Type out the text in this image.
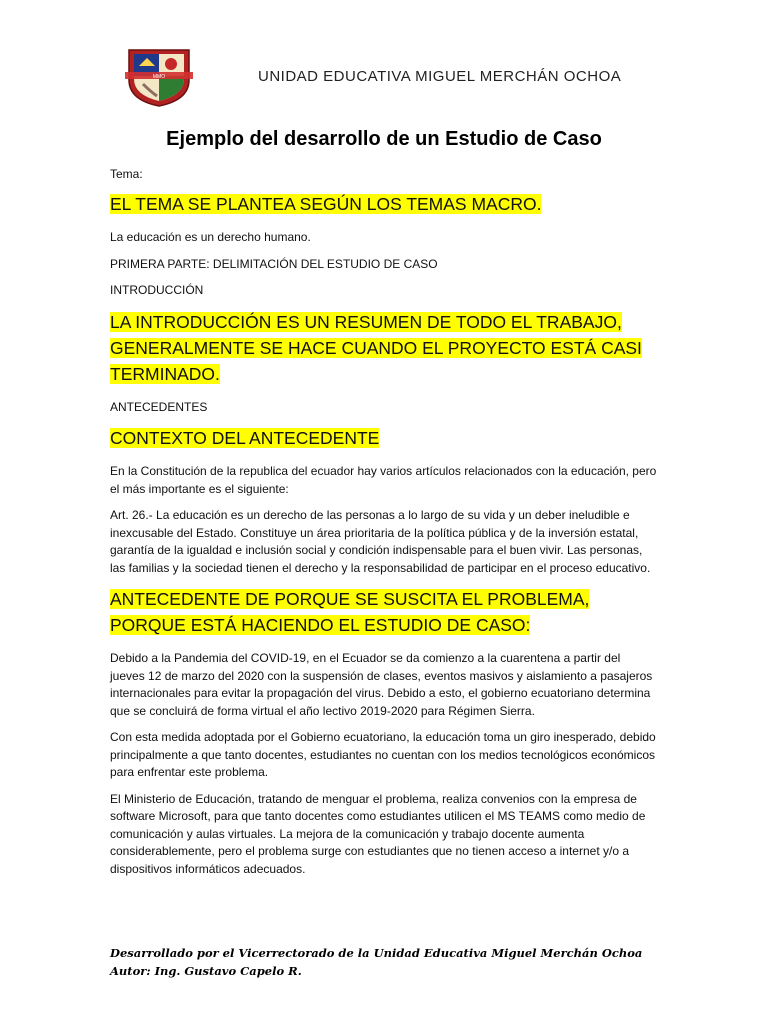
MMO	UNIDAD EDUCATIVA MIGUEL MERCHÁN OCHOA
Ejemplo del desarrollo de un Estudio de Caso

Tema:

EL TEMA SE PLANTEA SEGÚN LOS TEMAS MACRO.

La educación es un derecho humano.

PRIMERA PARTE: DELIMITACIÓN DEL ESTUDIO DE CASO

INTRODUCCIÓN

LA INTRODUCCIÓN ES UN RESUMEN DE TODO EL TRABAJO, GENERALMENTE SE HACE CUANDO EL PROYECTO ESTÁ CASI TERMINADO.

ANTECEDENTES

CONTEXTO DEL ANTECEDENTE

En la Constitución de la republica del ecuador hay varios artículos relacionados con la educación, pero el más importante es el siguiente:

Art. 26.- La educación es un derecho de las personas a lo largo de su vida y un deber ineludible e inexcusable del Estado. Constituye un área prioritaria de la política pública y de la inversión estatal, garantía de la igualdad e inclusión social y condición indispensable para el buen vivir. Las personas, las familias y la sociedad tienen el derecho y la responsabilidad de participar en el proceso educativo.

ANTECEDENTE DE PORQUE SE SUSCITA EL PROBLEMA, PORQUE ESTÁ HACIENDO EL ESTUDIO DE CASO:

Debido a la Pandemia del COVID-19, en el Ecuador se da comienzo a la cuarentena a partir del jueves 12 de marzo del 2020 con la suspensión de clases, eventos masivos y aislamiento a pasajeros internacionales para evitar la propagación del virus. Debido a esto, el gobierno ecuatoriano determina que se concluirá de forma virtual el año lectivo 2019-2020 para Régimen Sierra.

Con esta medida adoptada por el Gobierno ecuatoriano, la educación toma un giro inesperado, debido principalmente a que tanto docentes, estudiantes no cuentan con los medios tecnológicos económicos para enfrentar este problema.

El Ministerio de Educación, tratando de menguar el problema, realiza convenios con la empresa de software Microsoft, para que tanto docentes como estudiantes utilicen el MS TEAMS como medio de comunicación y aulas virtuales. La mejora de la comunicación y trabajo docente aumenta considerablemente, pero el problema surge con estudiantes que no tienen acceso a internet y/o a dispositivos informáticos adecuados.

Desarrollado por el Vicerrectorado de la Unidad Educativa Miguel Merchán Ochoa
Autor: Ing. Gustavo Capelo R.
